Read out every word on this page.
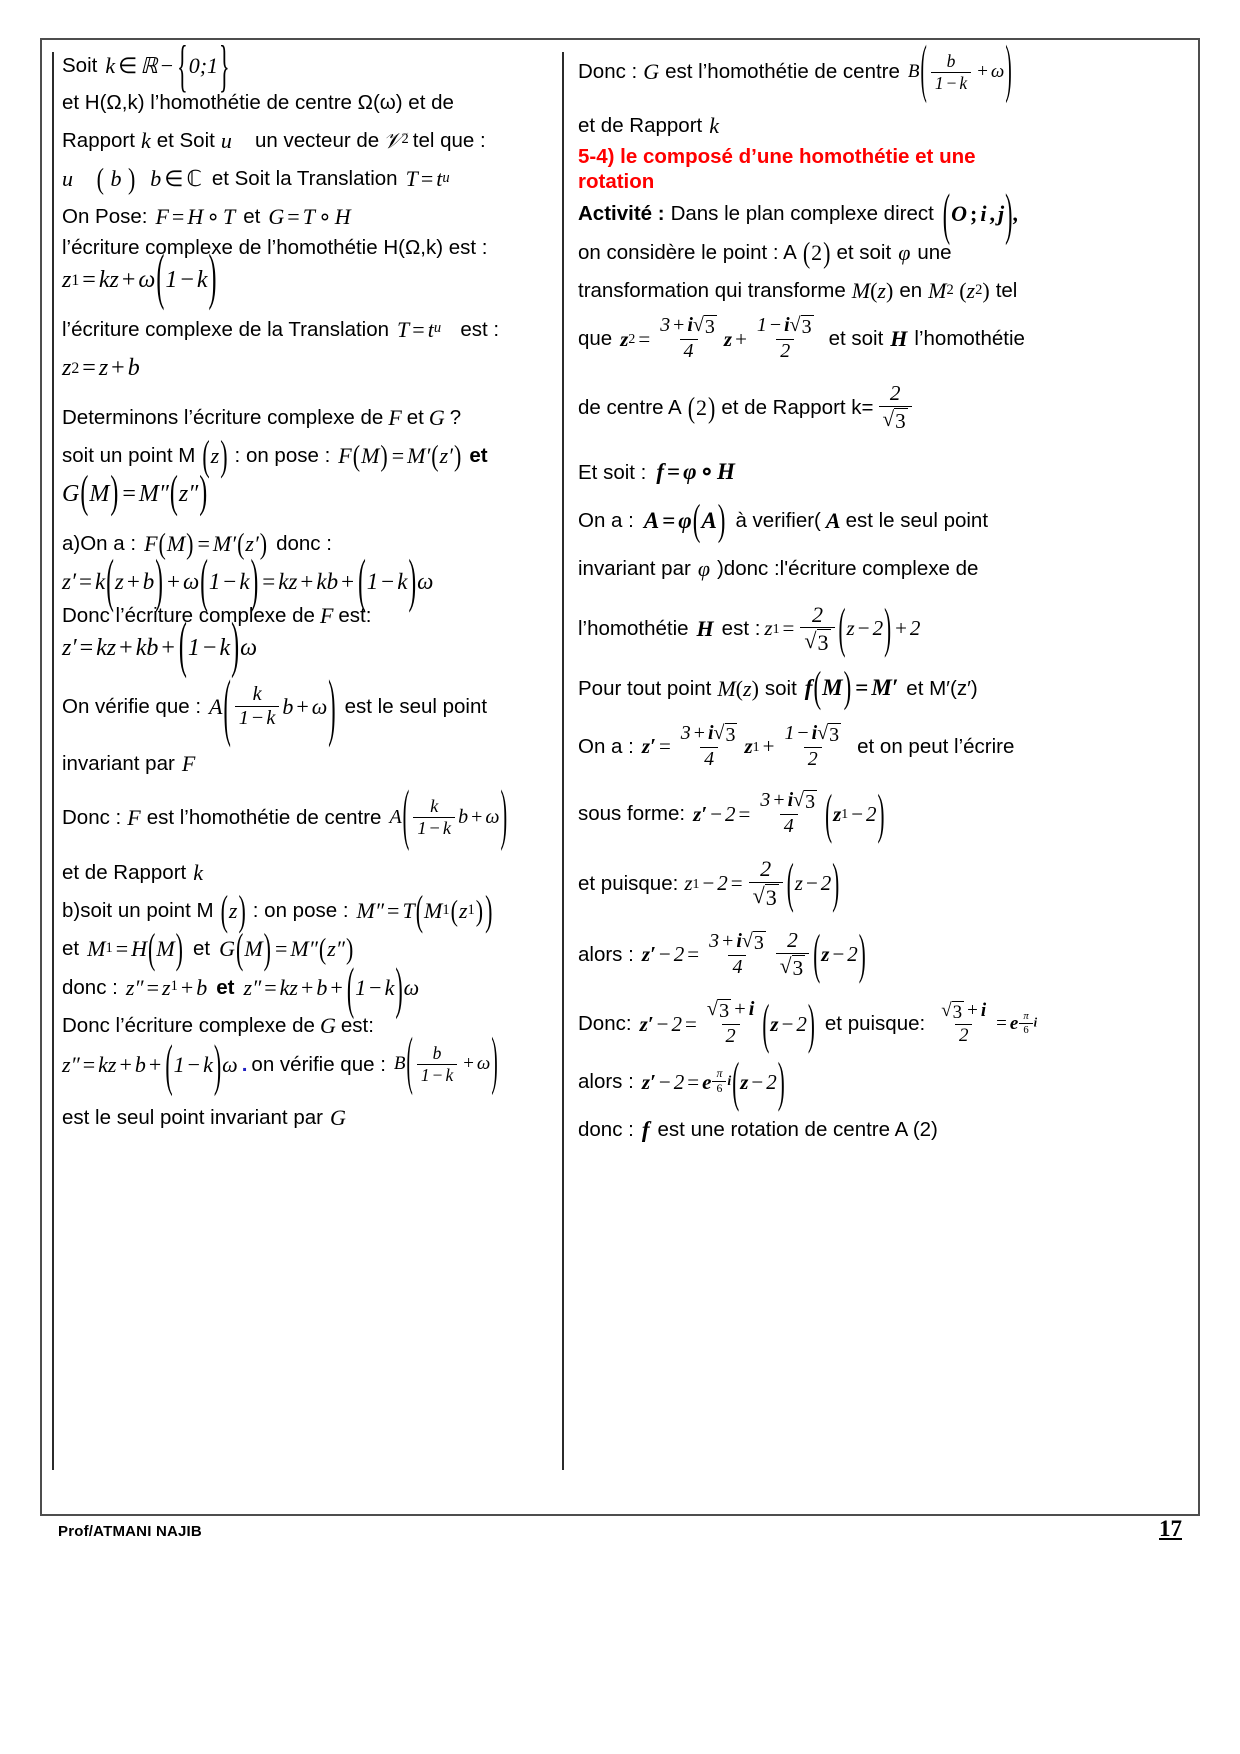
Soit k ∈ ℝ − { 0;1 }
et H(Ω,k) l’homothétie de centre Ω(ω) et de
Rapport k et Soit u⃗ un vecteur de 𝒱 2 tel que :
u⃗
(
b
) b ∈ ℂ et Soit la Translation T = t u⃗
On Pose: F = H ∘ T et G = T ∘ H
l’écriture complexe de l’homothétie H(Ω,k) est :
z 1 = kz + ω ( 1 − k )
l’écriture complexe de la Translation T = t u⃗ est :
z 2 = z + b
Determinons l’écriture complexe de F et G ?
soit un point M ( z ) : on pose : F ( M ) = M ′ ( z ′ ) et
G ( M ) = M ″ ( z ″ )
a)On a : F ( M ) = M ′ ( z ′ ) donc :
z ′ = k ( z + b ) + ω ( 1 − k ) = kz + kb + ( 1 − k ) ω
Donc l’écriture complexe de F est:
z ′ = kz + kb + ( 1 − k ) ω
On vérifie que : A ( $\frac{k}{1 - k}$ b + ω ) est le seul point
invariant par F
Donc : F est l’homothétie de centre A ( $\frac{k}{1 - k}$ b + ω )
et de Rapport k
b)soit un point M ( z ) : on pose : M ″ = T ( M 1 ( z 1 ) )
et M 1 = H ( M ) et G ( M ) = M ″ ( z ″ )
donc : z ″ = z 1 + b et z ″ = kz + b + ( 1 − k ) ω
Donc l’écriture complexe de G est:
z ″ = kz + b + ( 1 − k ) ω . on vérifie que : B ( $\frac{b}{1 - k} + \omega$ )
est le seul point invariant par G
Donc : G est l’homothétie de centre B ( $\frac{b}{1 - k} + \omega$ )
et de Rapport k
5-4) le composé d’une homothétie et une rotation
Activité : Dans le plan complexe direct ( O ; i , j ) ,
on considère le point : A ( 2 ) et soit φ une
transformation qui transforme M ( z ) en M 2
( z 2 ) tel
que z $2 = \frac{3 + i √ 3}{4}$ $z + \frac{1 - i √ 3}{2}$ et soit H l’homothétie
de centre A ( 2 ) et de Rapport $k= \frac{2}{√ 3}$
Et soit : f = φ ∘ H
On a : A = φ ( A ) à verifier( A est le seul point
invariant par φ )donc :l'écriture complexe de
l’homothétie H est : z $1 = \frac{2}{√ 3}$ ( z − 2 ) + 2
Pour tout point M ( z ) soit f ( M ) = M′ et M′(z′)
On a : $z' = \frac{3 + i √ 3}{4}$ z $1 + \frac{1 - i √ 3}{2}$ et on peut l’écrire
sous forme: $z' - 2 = \frac{3 + i √ 3}{4}$ ( z 1 − 2 )
et puisque: z $1 - 2 = \frac{2}{√ 3}$ ( z − 2 )
alors : $z' - 2 = \frac{3 + i √ 3}{4} \frac{2}{√ 3}$ ( z − 2 )
Donc: $z' - 2 = \frac{√ 3 + i}{2}$ ( z − 2 ) et puisque: $\frac{√ 3 + i}{2} = e \frac{\pi}{6}$ i
alors : z′ − 2 = e $\frac{\pi}{6}$ i ( z − 2 )
donc : f est une rotation de centre A (2)
Prof/ATMANI NAJIB	17
